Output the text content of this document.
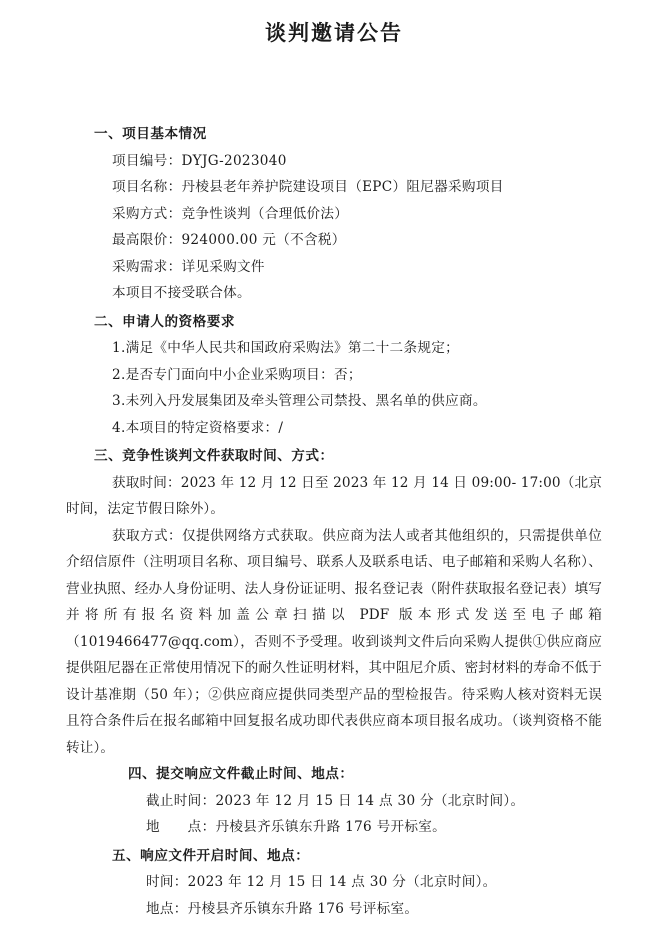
谈判邀请公告
一、项目基本情况
项目编号：DYJG-2023040
项目名称：丹棱县老年养护院建设项目（EPC）阻尼器采购项目
采购方式：竞争性谈判（合理低价法）
最高限价：924000.00 元（不含税）
采购需求：详见采购文件
本项目不接受联合体。
二、申请人的资格要求
1.满足《中华人民共和国政府采购法》第二十二条规定；
2.是否专门面向中小企业采购项目：否；
3.未列入丹发展集团及牵头管理公司禁投、黑名单的供应商。
4.本项目的特定资格要求：/
三、竞争性谈判文件获取时间、方式：
获取时间：2023 年 12 月 12 日至 2023 年 12 月 14 日 09:00- 17:00（北京时间，法定节假日除外）。
获取方式：仅提供网络方式获取。供应商为法人或者其他组织的，只需提供单位介绍信原件（注明项目名称、项目编号、联系人及联系电话、电子邮箱和采购人名称）、营业执照、经办人身份证明、法人身份证证明、报名登记表（附件获取报名登记表）填写并将所有报名资料加盖公章扫描以 PDF 版本形式发送至电子邮箱（1019466477@qq.com），否则不予受理。收到谈判文件后向采购人提供①供应商应提供阻尼器在正常使用情况下的耐久性证明材料，其中阻尼介质、密封材料的寿命不低于设计基准期（50 年）；②供应商应提供同类型产品的型检报告。待采购人核对资料无误且符合条件后在报名邮箱中回复报名成功即代表供应商本项目报名成功。（谈判资格不能转让）。
四、提交响应文件截止时间、地点：
截止时间：2023 年 12 月 15 日 14 点 30 分（北京时间）。
地　　点：丹棱县齐乐镇东升路 176 号开标室。
五、响应文件开启时间、地点：
时间：2023 年 12 月 15 日 14 点 30 分（北京时间）。
地点：丹棱县齐乐镇东升路 176 号评标室。
